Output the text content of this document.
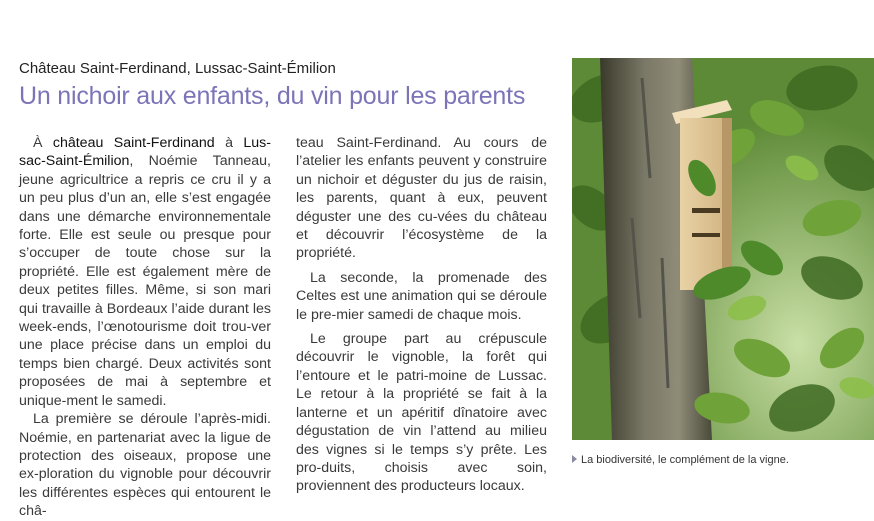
Château Saint-Ferdinand, Lussac-Saint-Émilion
Un nichoir aux enfants, du vin pour les parents

À château Saint-Ferdinand à Lus-sac-Saint-Émilion, Noémie Tanneau, jeune agricultrice a repris ce cru il y a un peu plus d’un an, elle s’est engagée dans une démarche environnementale forte. Elle est seule ou presque pour s’occuper de toute chose sur la propriété. Elle est également mère de deux petites filles. Même, si son mari qui travaille à Bordeaux l’aide durant les week-ends, l’œnotourisme doit trou-ver une place précise dans un emploi du temps bien chargé. Deux activités sont proposées de mai à septembre et unique-ment le samedi.

La première se déroule l’après-midi. Noémie, en partenariat avec la ligue de protection des oiseaux, propose une ex-ploration du vignoble pour découvrir les différentes espèces qui entourent le châ-

teau Saint-Ferdinand. Au cours de l’atelier les enfants peuvent y construire un nichoir et déguster du jus de raisin, les parents, quant à eux, peuvent déguster une des cu-vées du château et découvrir l’écosystème de la propriété.

La seconde, la promenade des Celtes est une animation qui se déroule le pre-mier samedi de chaque mois.

Le groupe part au crépuscule découvrir le vignoble, la forêt qui l’entoure et le patri-moine de Lussac. Le retour à la propriété se fait à la lanterne et un apéritif dînatoire avec dégustation de vin l’attend au milieu des vignes si le temps s’y prête. Les pro-duits, choisis avec soin, proviennent des producteurs locaux.

La biodiversité, le complément de la vigne.
